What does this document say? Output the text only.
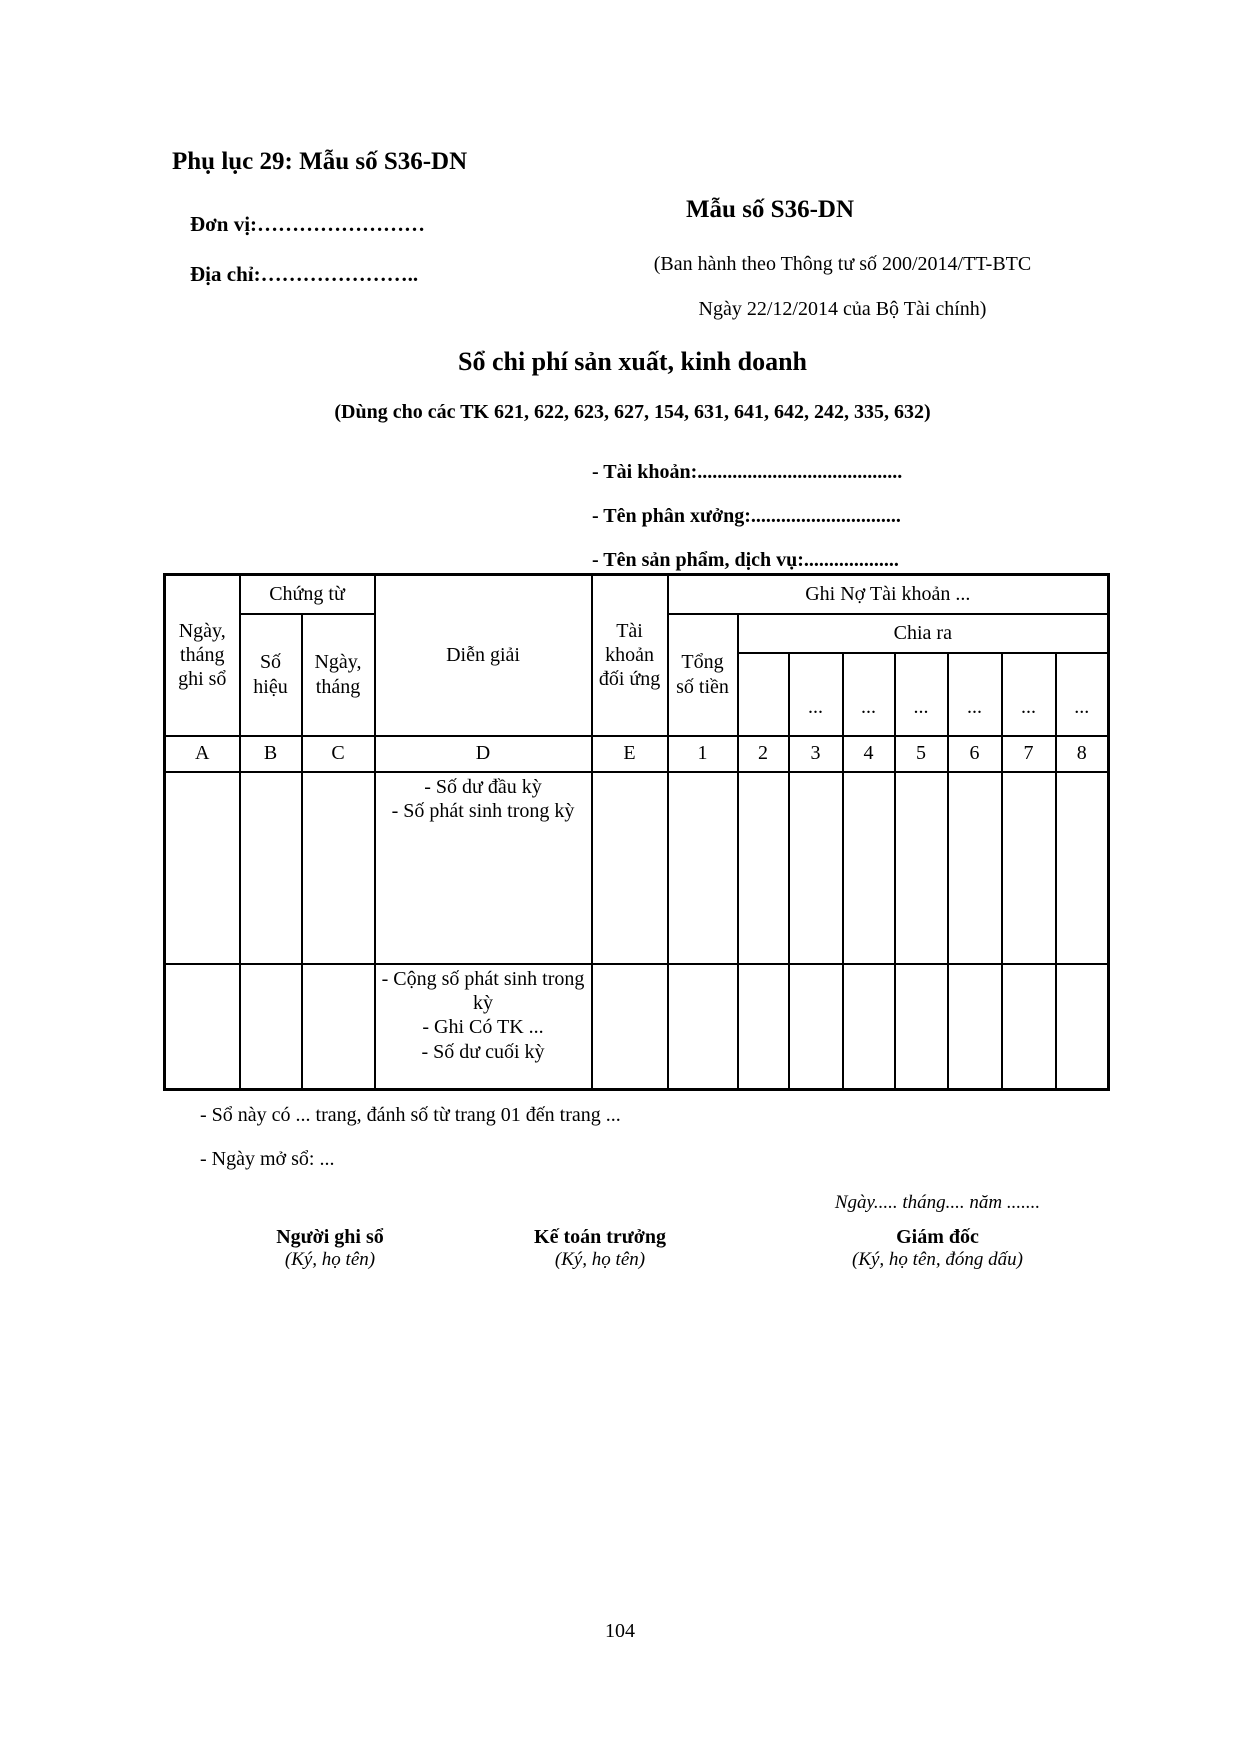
Phụ lục 29: Mẫu số S36-DN
Đơn vị:……………………
Địa chỉ:…………………..
Mẫu số S36-DN
(Ban hành theo Thông tư số 200/2014/TT-BTC
Ngày 22/12/2014 của Bộ Tài chính)
Sổ chi phí sản xuất, kinh doanh
(Dùng cho các TK 621, 622, 623, 627, 154, 631, 641, 642, 242, 335, 632)
- Tài khoản:.........................................
- Tên phân xưởng:..............................
- Tên sản phẩm, dịch vụ:...................
Ngày, tháng ghi sổ	Chứng từ		Diễn giải	Tài khoản đối ứng	Ghi Nợ Tài khoản ...							
	Số hiệu	Ngày, tháng			Tổng số tiền	Chia ra						
							...	...	...	...	...	...
A	B	C	D	E	1	2	3	4	5	6	7	8

			- Số dư đầu kỳ
- Số phát sinh trong kỳ									

			- Cộng số phát sinh trong kỳ
- Ghi Có TK ...
- Số dư cuối kỳ									

- Sổ này có ... trang, đánh số từ trang 01 đến trang ...
- Ngày mở sổ: ...
Ngày..... tháng.... năm .......
Người ghi sổ
(Ký, họ tên)
Kế toán trưởng
(Ký, họ tên)
Giám đốc
(Ký, họ tên, đóng dấu)
104
